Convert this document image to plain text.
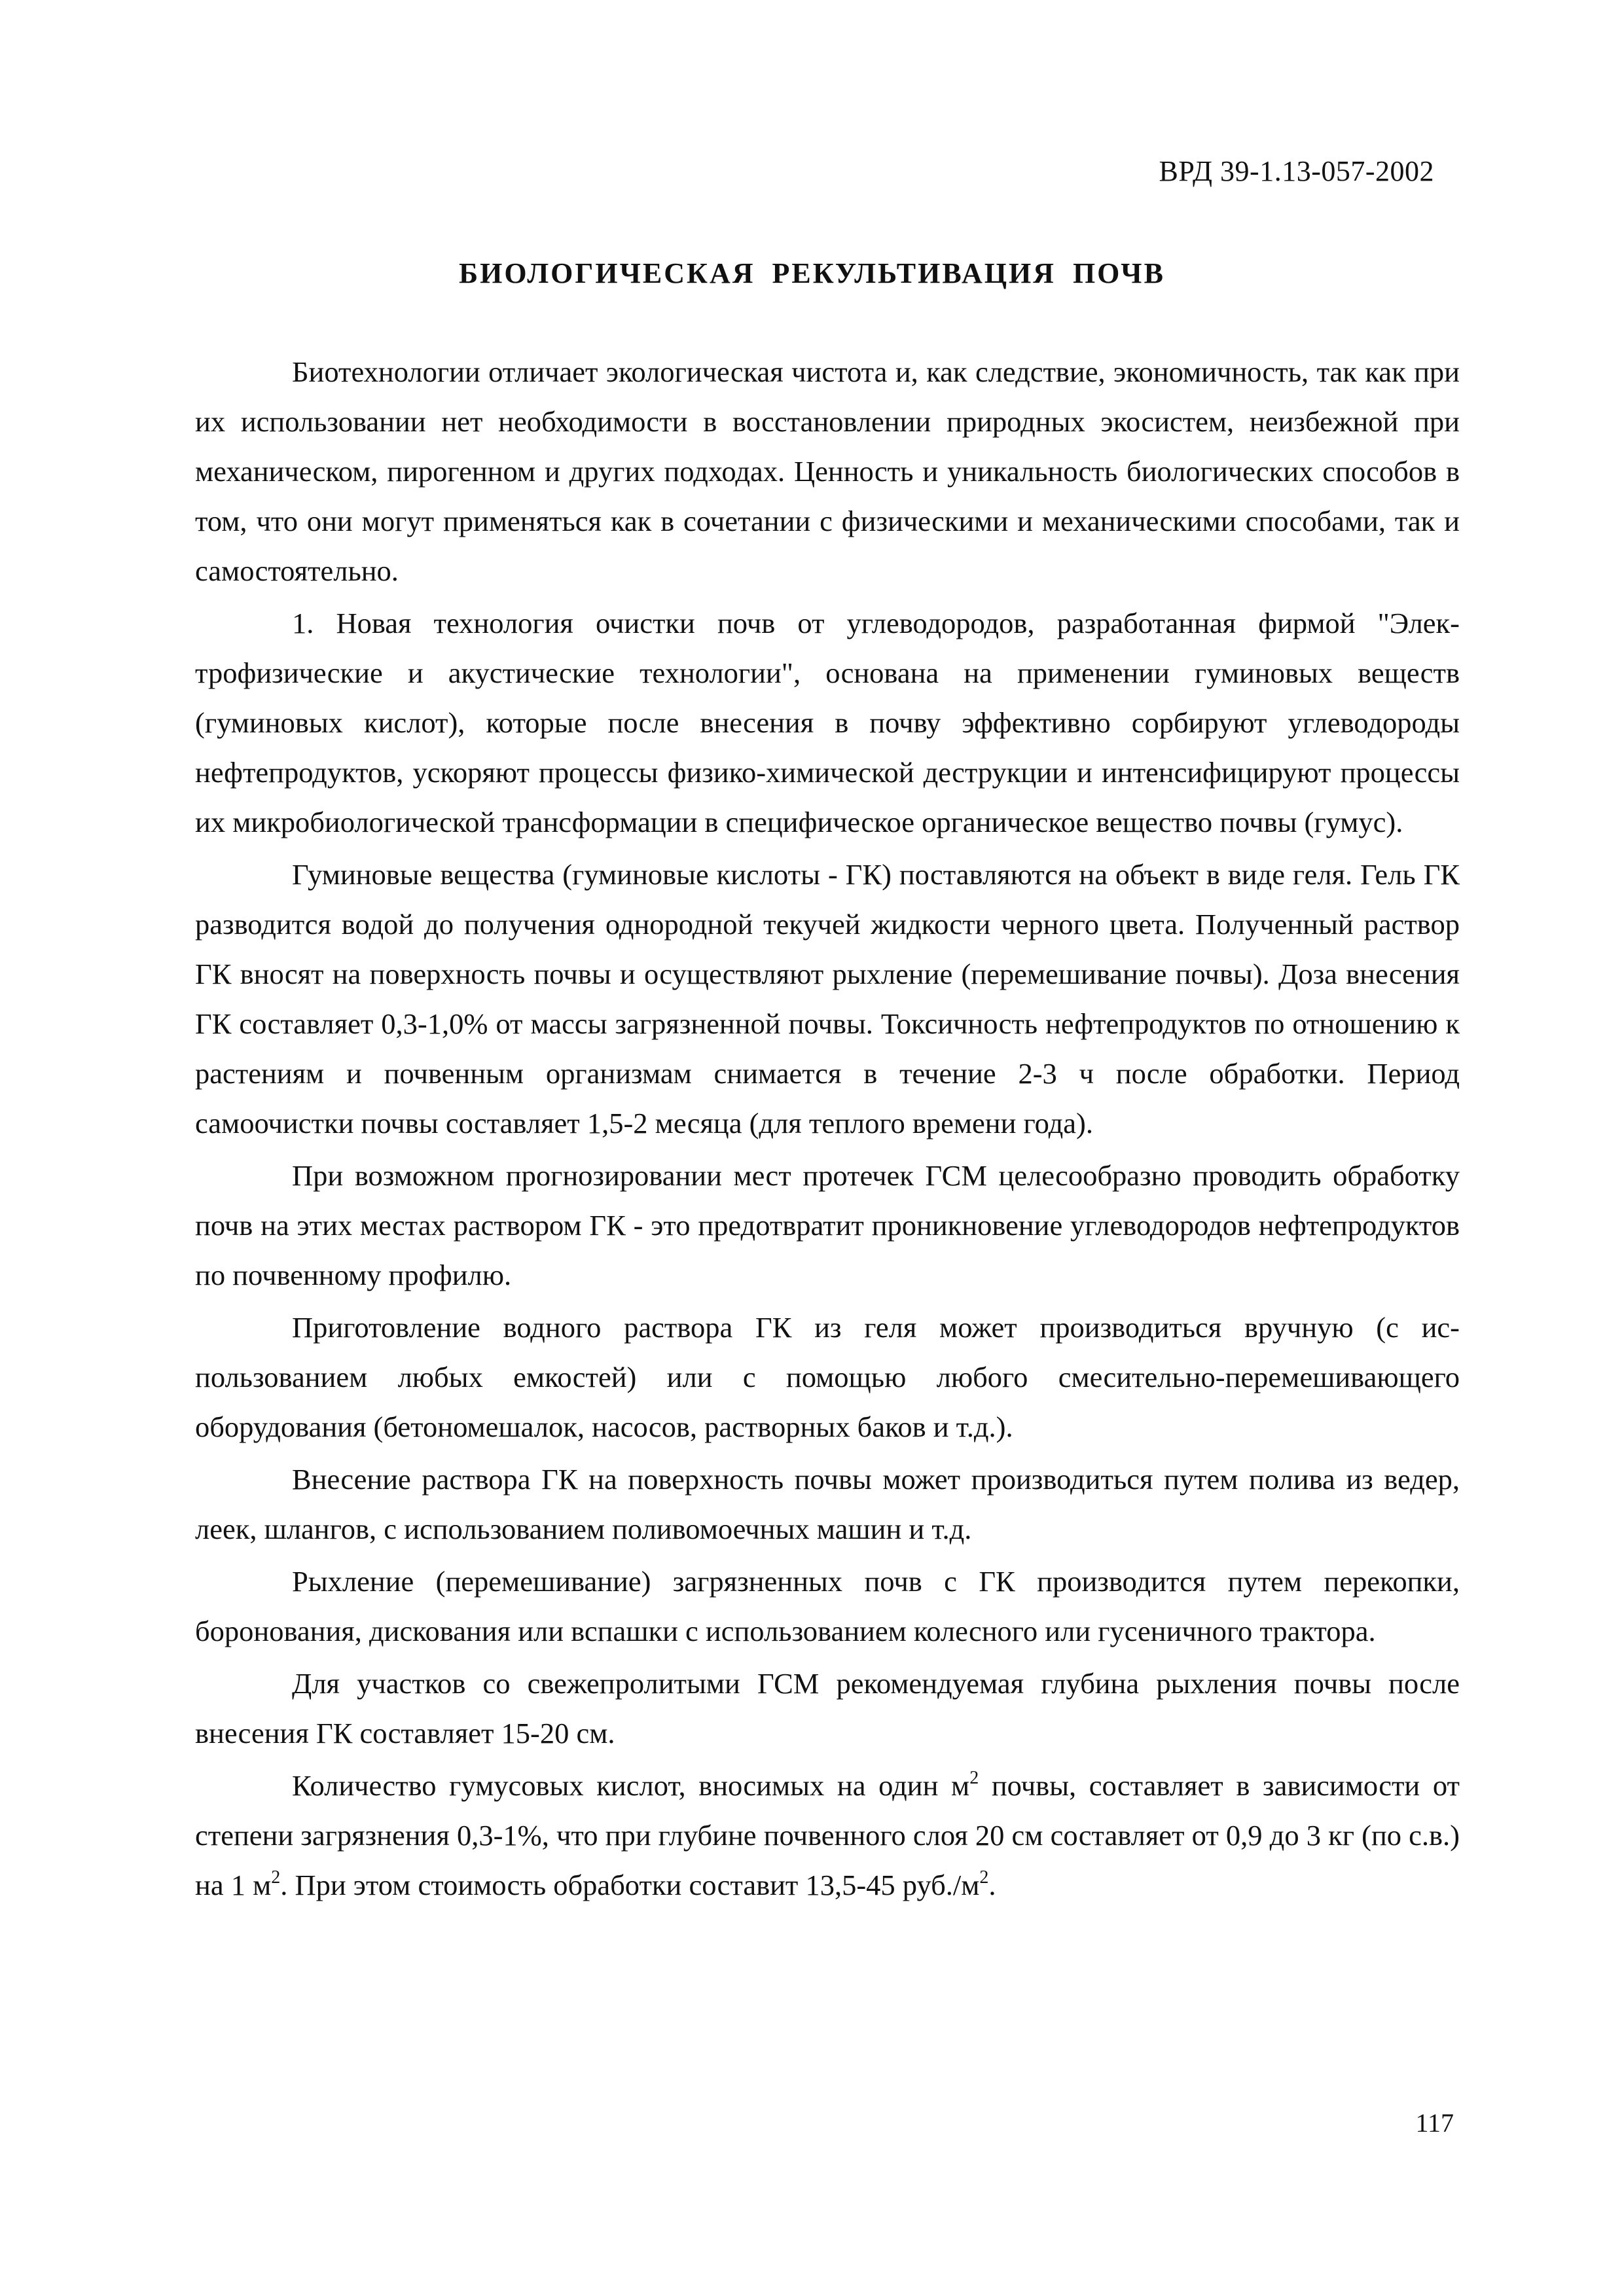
ВРД 39-1.13-057-2002
БИОЛОГИЧЕСКАЯ РЕКУЛЬТИВАЦИЯ ПОЧВ

Биотехнологии отличает экологическая чистота и, как следствие, экономичность, так как при их использовании нет необходимости в восстановлении природных экосистем, неизбежной при механическом, пирогенном и других подходах. Ценность и уникальность биологических способов в том, что они могут применяться как в сочетании с физическими и механическими способами, так и самостоятельно.

1. Новая технология очистки почв от углеводородов, разработанная фирмой "Электрофизические и акустические технологии", основана на применении гуминовых веществ (гуминовых кислот), которые после внесения в почву эффективно сорбируют углеводороды нефтепродуктов, ускоряют процессы физико-химической деструкции и интенсифицируют процессы их микробиологической трансформации в специфическое органическое вещество почвы (гумус).

Гуминовые вещества (гуминовые кислоты - ГК) поставляются на объект в виде геля. Гель ГК разводится водой до получения однородной текучей жидкости черного цвета. Полученный раствор ГК вносят на поверхность почвы и осуществляют рыхление (перемешивание почвы). Доза внесения ГК составляет 0,3-1,0% от массы загрязненной почвы. Токсичность нефтепродуктов по отношению к растениям и почвенным организмам снимается в течение 2-3 ч после обработки. Период самоочистки почвы составляет 1,5-2 месяца (для теплого времени года).

При возможном прогнозировании мест протечек ГСМ целесообразно проводить обработку почв на этих местах раствором ГК - это предотвратит проникновение углеводородов нефтепродуктов по почвенному профилю.

Приготовление водного раствора ГК из геля может производиться вручную (с использованием любых емкостей) или с помощью любого смесительно-перемешивающего оборудования (бетономешалок, насосов, растворных баков и т.д.).

Внесение раствора ГК на поверхность почвы может производиться путем полива из ведер, леек, шлангов, с использованием поливомоечных машин и т.д.

Рыхление (перемешивание) загрязненных почв с ГК производится путем перекопки, боронования, дискования или вспашки с использованием колесного или гусеничного трактора.

Для участков со свежепролитыми ГСМ рекомендуемая глубина рыхления почвы после внесения ГК составляет 15-20 см.

Количество гумусовых кислот, вносимых на один $м^2$ почвы, составляет в зависимости от степени загрязнения 0,3-1%, что при глубине почвенного слоя 20 см составляет от 0,9 до 3 кг (по с.в.) на 1 $м^2$. При этом стоимость обработки составит 13,5-45 $руб./м^2$.

117
